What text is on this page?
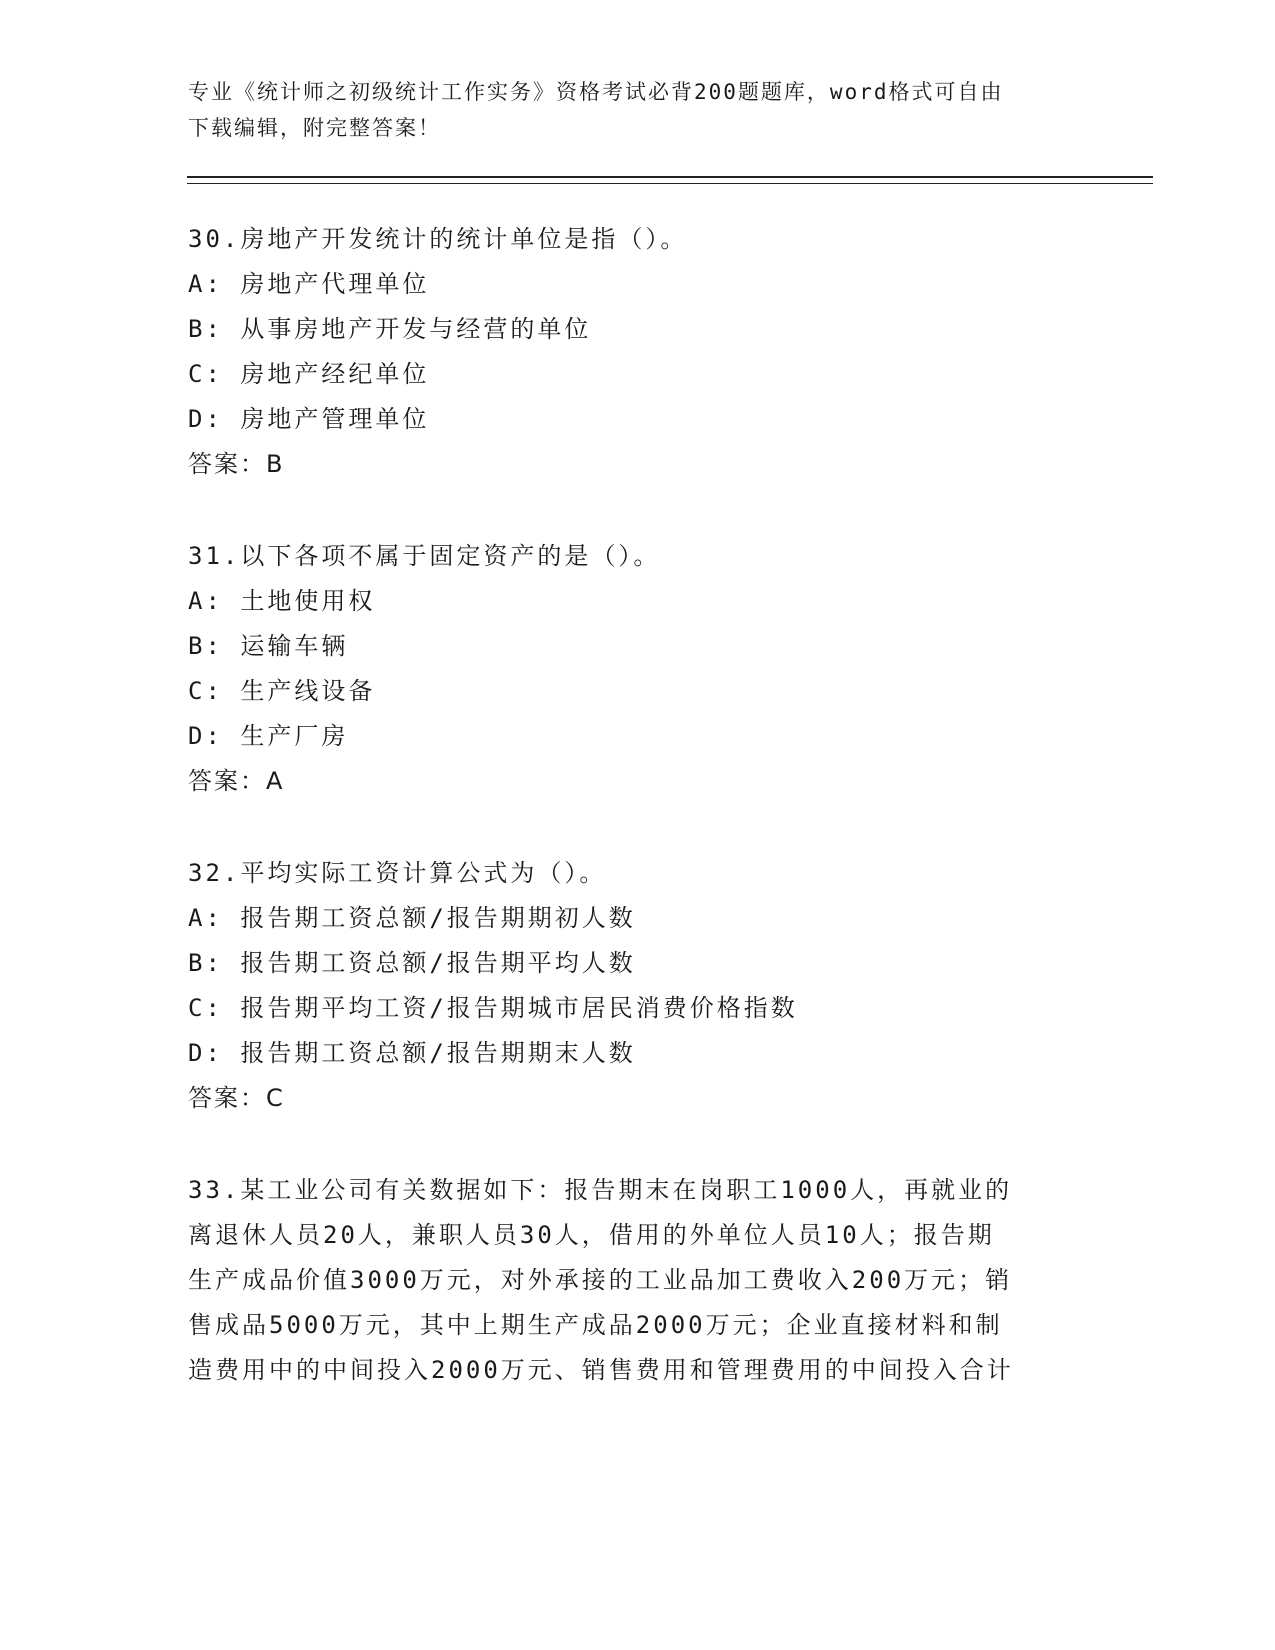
专业《统计师之初级统计工作实务》资格考试必背200题题库，word格式可自由
下载编辑，附完整答案！
30.房地产开发统计的统计单位是指（）。
A: 房地产代理单位
B: 从事房地产开发与经营的单位
C: 房地产经纪单位
D: 房地产管理单位
答案：B
31.以下各项不属于固定资产的是（）。
A: 土地使用权
B: 运输车辆
C: 生产线设备
D: 生产厂房
答案：A
32.平均实际工资计算公式为（）。
A: 报告期工资总额/报告期期初人数
B: 报告期工资总额/报告期平均人数
C: 报告期平均工资/报告期城市居民消费价格指数
D: 报告期工资总额/报告期期末人数
答案：C
33.某工业公司有关数据如下：报告期末在岗职工1000人，再就业的
离退休人员20人，兼职人员30人，借用的外单位人员10人；报告期
生产成品价值3000万元，对外承接的工业品加工费收入200万元；销
售成品5000万元，其中上期生产成品2000万元；企业直接材料和制
造费用中的中间投入2000万元、销售费用和管理费用的中间投入合计
